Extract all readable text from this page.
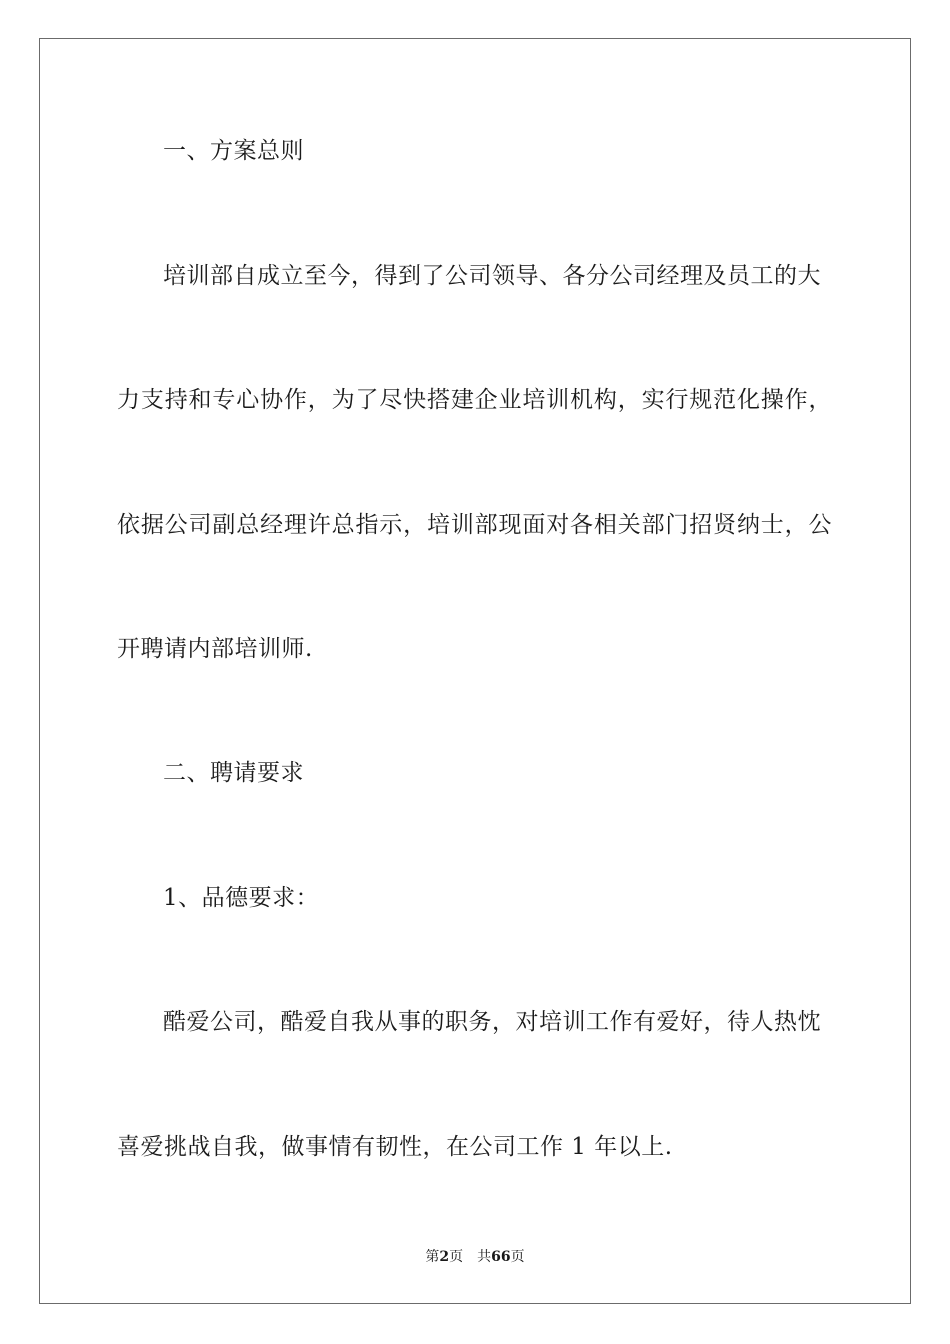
一、方案总则
培训部自成立至今，得到了公司领导、各分公司经理及员工的大
力支持和专心协作，为了尽快搭建企业培训机构，实行规范化操作，
依据公司副总经理许总指示，培训部现面对各相关部门招贤纳士，公
开聘请内部培训师.
二、聘请要求
1、品德要求：
酷爱公司，酷爱自我从事的职务，对培训工作有爱好，待人热忱
喜爱挑战自我，做事情有韧性，在公司工作 1 年以上.
第2页　共66页
